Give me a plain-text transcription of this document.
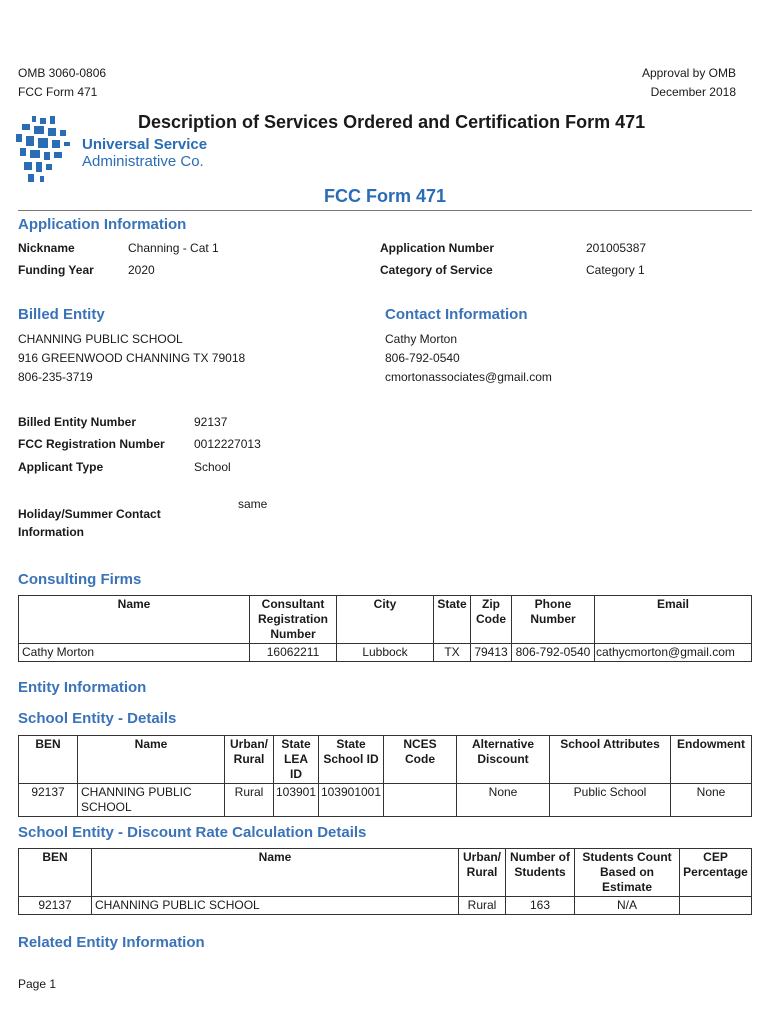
OMB 3060-0806
FCC Form 471
Approval by OMB
December 2018
Universal Service
Administrative Co.
Description of Services Ordered and Certification Form 471
FCC Form 471
Application Information
Nickname	Channing - Cat 1
Funding Year	2020
Application Number	201005387
Category of Service	Category 1
Billed Entity
CHANNING PUBLIC SCHOOL
916 GREENWOOD CHANNING TX 79018
806-235-3719
Contact Information
Cathy Morton
806-792-0540
cmortonassociates@gmail.com
Billed Entity Number	92137
FCC Registration Number 0012227013
Applicant Type	School
Holiday/Summer Contact
Information
same
Consulting Firms
Name	Consultant Registration Number	City	State	Zip Code	Phone Number	Email
Cathy Morton	16062211	Lubbock	TX	79413	806-792-0540	cathycmorton@gmail.com
Entity Information
School Entity - Details
BEN	Name	Urban/ Rural	State LEA ID	State School ID	NCES Code	Alternative Discount	School Attributes	Endowment
92137	CHANNING PUBLIC SCHOOL	Rural	103901	103901001		None	Public School	None
School Entity - Discount Rate Calculation Details
BEN	Name	Urban/ Rural	Number of Students	Students Count Based on Estimate	CEP Percentage
92137	CHANNING PUBLIC SCHOOL	Rural	163	N/A	
Related Entity Information
Page 1
